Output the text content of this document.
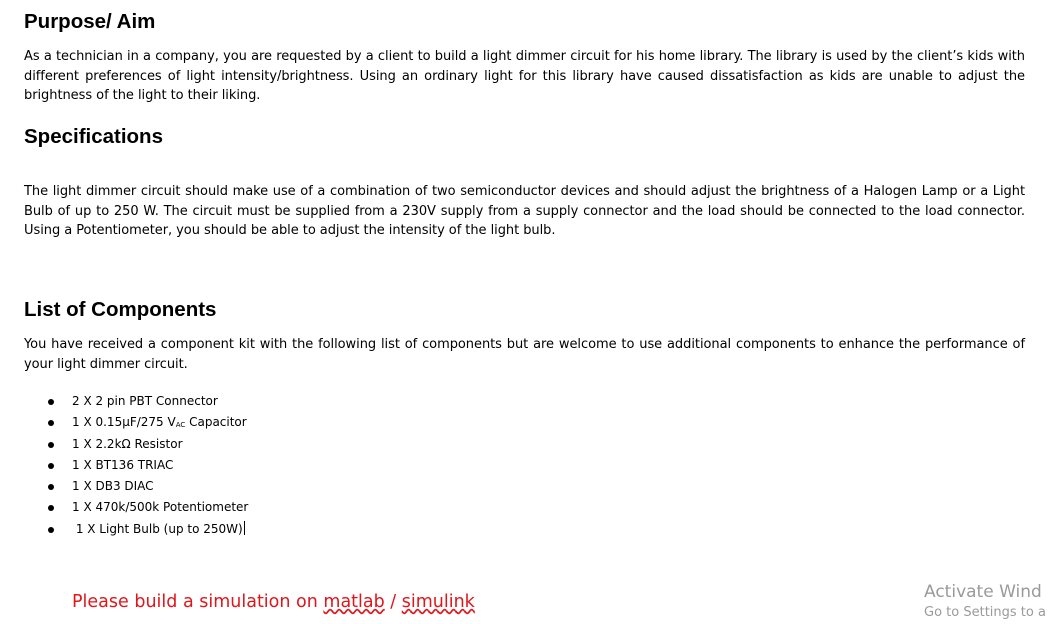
Purpose/ Aim

As a technician in a company, you are requested by a client to build a light dimmer circuit for his home library. The library is used by the client’s kids with different preferences of light intensity/brightness. Using an ordinary light for this library have caused dissatisfaction as kids are unable to adjust the brightness of the light to their liking.

Specifications

The light dimmer circuit should make use of a combination of two semiconductor devices and should adjust the brightness of a Halogen Lamp or a Light Bulb of up to 250 W. The circuit must be supplied from a 230V supply from a supply connector and the load should be connected to the load connector. Using a Potentiometer, you should be able to adjust the intensity of the light bulb.

List of Components

You have received a component kit with the following list of components but are welcome to use additional components to enhance the performance of your light dimmer circuit.

2 X 2 pin PBT Connector
1 X 0.15µF/275 VAC Capacitor
1 X 2.2kΩ Resistor
1 X BT136 TRIAC
1 X DB3 DIAC
1 X 470k/500k Potentiometer
1 X Light Bulb (up to 250W)

Please build a simulation on matlab / simulink	Activate Wind
Go to Settings to a
